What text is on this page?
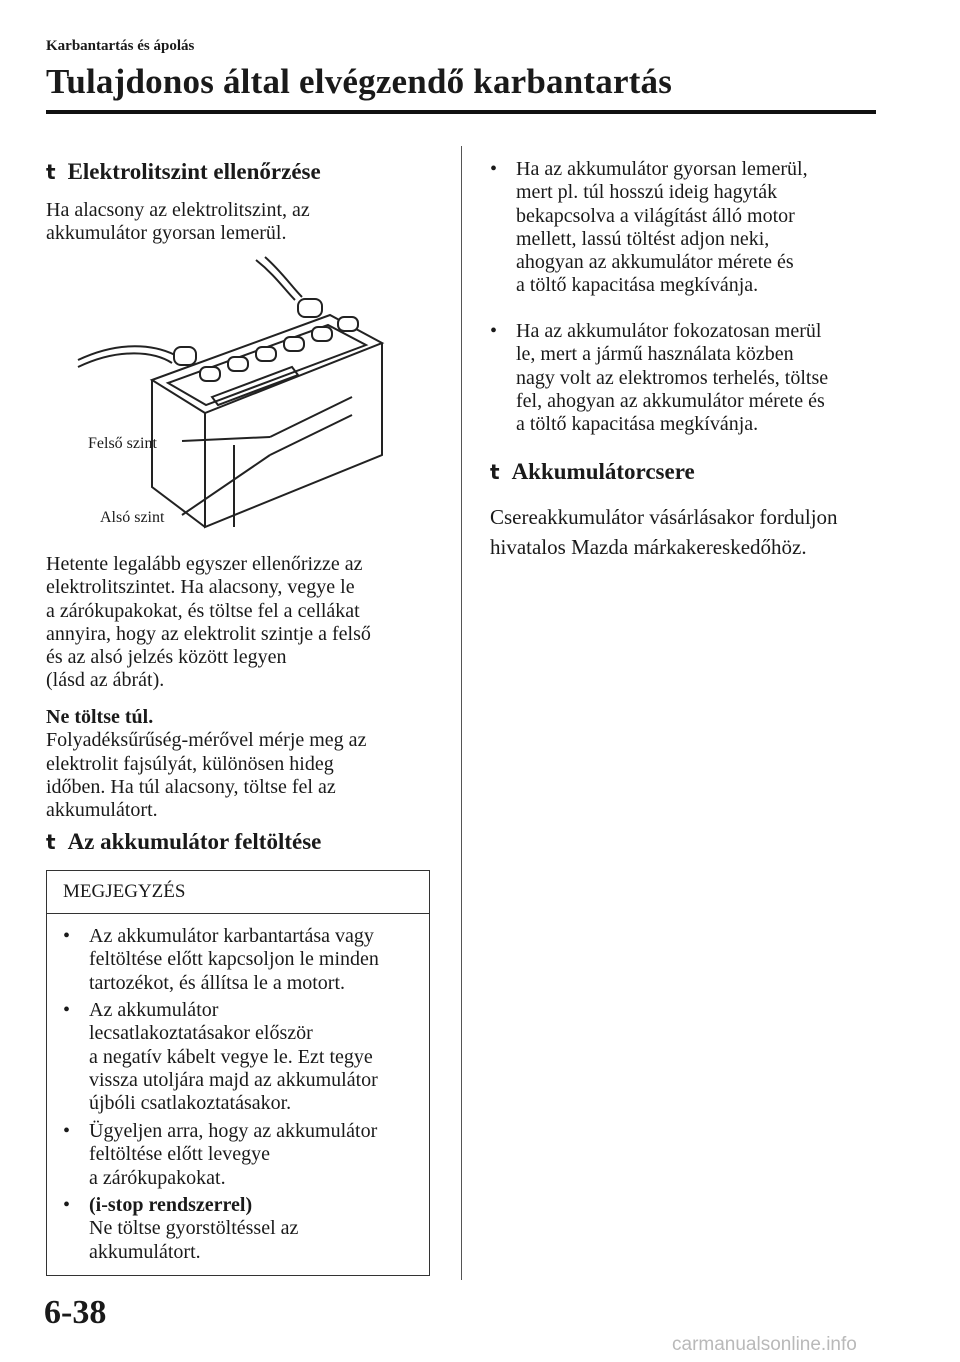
Karbantartás és ápolás
Tulajdonos által elvégzendő karbantartás
t Elektrolitszint ellenőrzése
Ha alacsony az elektrolitszint, az
akkumulátor gyorsan lemerül.
Felső szint
Alsó szint
Hetente legalább egyszer ellenőrizze az
elektrolitszintet. Ha alacsony, vegye le
a zárókupakokat, és töltse fel a cellákat
annyira, hogy az elektrolit szintje a felső
és az alsó jelzés között legyen
(lásd az ábrát).
Ne töltse túl.
Folyadéksűrűség-mérővel mérje meg az
elektrolit fajsúlyát, különösen hideg
időben. Ha túl alacsony, töltse fel az
akkumulátort.
t Az akkumulátor feltöltése
MEGJEGYZÉS
• Az akkumulátor karbantartása vagy
feltöltése előtt kapcsoljon le minden
tartozékot, és állítsa le a motort.
• Az akkumulátor
lecsatlakoztatásakor először
a negatív kábelt vegye le. Ezt tegye
vissza utoljára majd az akkumulátor
újbóli csatlakoztatásakor.
• Ügyeljen arra, hogy az akkumulátor
feltöltése előtt levegye
a zárókupakokat.
• (i-stop rendszerrel)
Ne töltse gyorstöltéssel az
akkumulátort.
• Ha az akkumulátor gyorsan lemerül,
mert pl. túl hosszú ideig hagyták
bekapcsolva a világítást álló motor
mellett, lassú töltést adjon neki,
ahogyan az akkumulátor mérete és
a töltő kapacitása megkívánja.
• Ha az akkumulátor fokozatosan merül
le, mert a jármű használata közben
nagy volt az elektromos terhelés, töltse
fel, ahogyan az akkumulátor mérete és
a töltő kapacitása megkívánja.
t Akkumulátorcsere
Csereakkumulátor vásárlásakor forduljon
hivatalos Mazda márkakereskedőhöz.
6-38
carmanualsonline.info
